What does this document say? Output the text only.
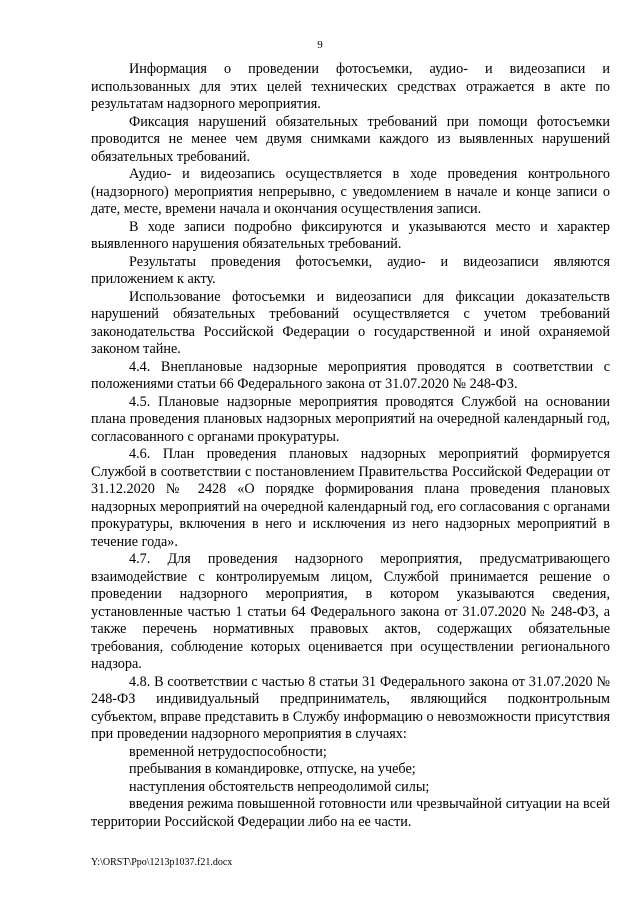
9

Информация о проведении фотосъемки, аудио- и видеозаписи и использованных для этих целей технических средствах отражается в акте по результатам надзорного мероприятия.

Фиксация нарушений обязательных требований при помощи фотосъемки проводится не менее чем двумя снимками каждого из выявленных нарушений обязательных требований.

Аудио- и видеозапись осуществляется в ходе проведения контрольного (надзорного) мероприятия непрерывно, с уведомлением в начале и конце записи о дате, месте, времени начала и окончания осуществления записи.

В ходе записи подробно фиксируются и указываются место и характер выявленного нарушения обязательных требований.

Результаты проведения фотосъемки, аудио- и видеозаписи являются приложением к акту.

Использование фотосъемки и видеозаписи для фиксации доказательств нарушений обязательных требований осуществляется с учетом требований законодательства Российской Федерации о государственной и иной охраняемой законом тайне.

4.4. Внеплановые надзорные мероприятия проводятся в соответствии с положениями статьи 66 Федерального закона от 31.07.2020 № 248-ФЗ.

4.5. Плановые надзорные мероприятия проводятся Службой на основании плана проведения плановых надзорных мероприятий на очередной календарный год, согласованного с органами прокуратуры.

4.6. План проведения плановых надзорных мероприятий формируется Службой в соответствии с постановлением Правительства Российской Федерации от 31.12.2020 № 2428 «О порядке формирования плана проведения плановых надзорных мероприятий на очередной календарный год, его согласования с органами прокуратуры, включения в него и исключения из него надзорных мероприятий в течение года».

4.7. Для проведения надзорного мероприятия, предусматривающего взаимодействие с контролируемым лицом, Службой принимается решение о проведении надзорного мероприятия, в котором указываются сведения, установленные частью 1 статьи 64 Федерального закона от 31.07.2020 № 248-ФЗ, а также перечень нормативных правовых актов, содержащих обязательные требования, соблюдение которых оценивается при осуществлении регионального надзора.

4.8. В соответствии с частью 8 статьи 31 Федерального закона от 31.07.2020 № 248-ФЗ индивидуальный предприниматель, являющийся подконтрольным субъектом, вправе представить в Службу информацию о невозможности присутствия при проведении надзорного мероприятия в случаях:

временной нетрудоспособности;

пребывания в командировке, отпуске, на учебе;

наступления обстоятельств непреодолимой силы;

введения режима повышенной готовности или чрезвычайной ситуации на всей территории Российской Федерации либо на ее части.

Y:\ORST\Ppo\1213p1037.f21.docx
